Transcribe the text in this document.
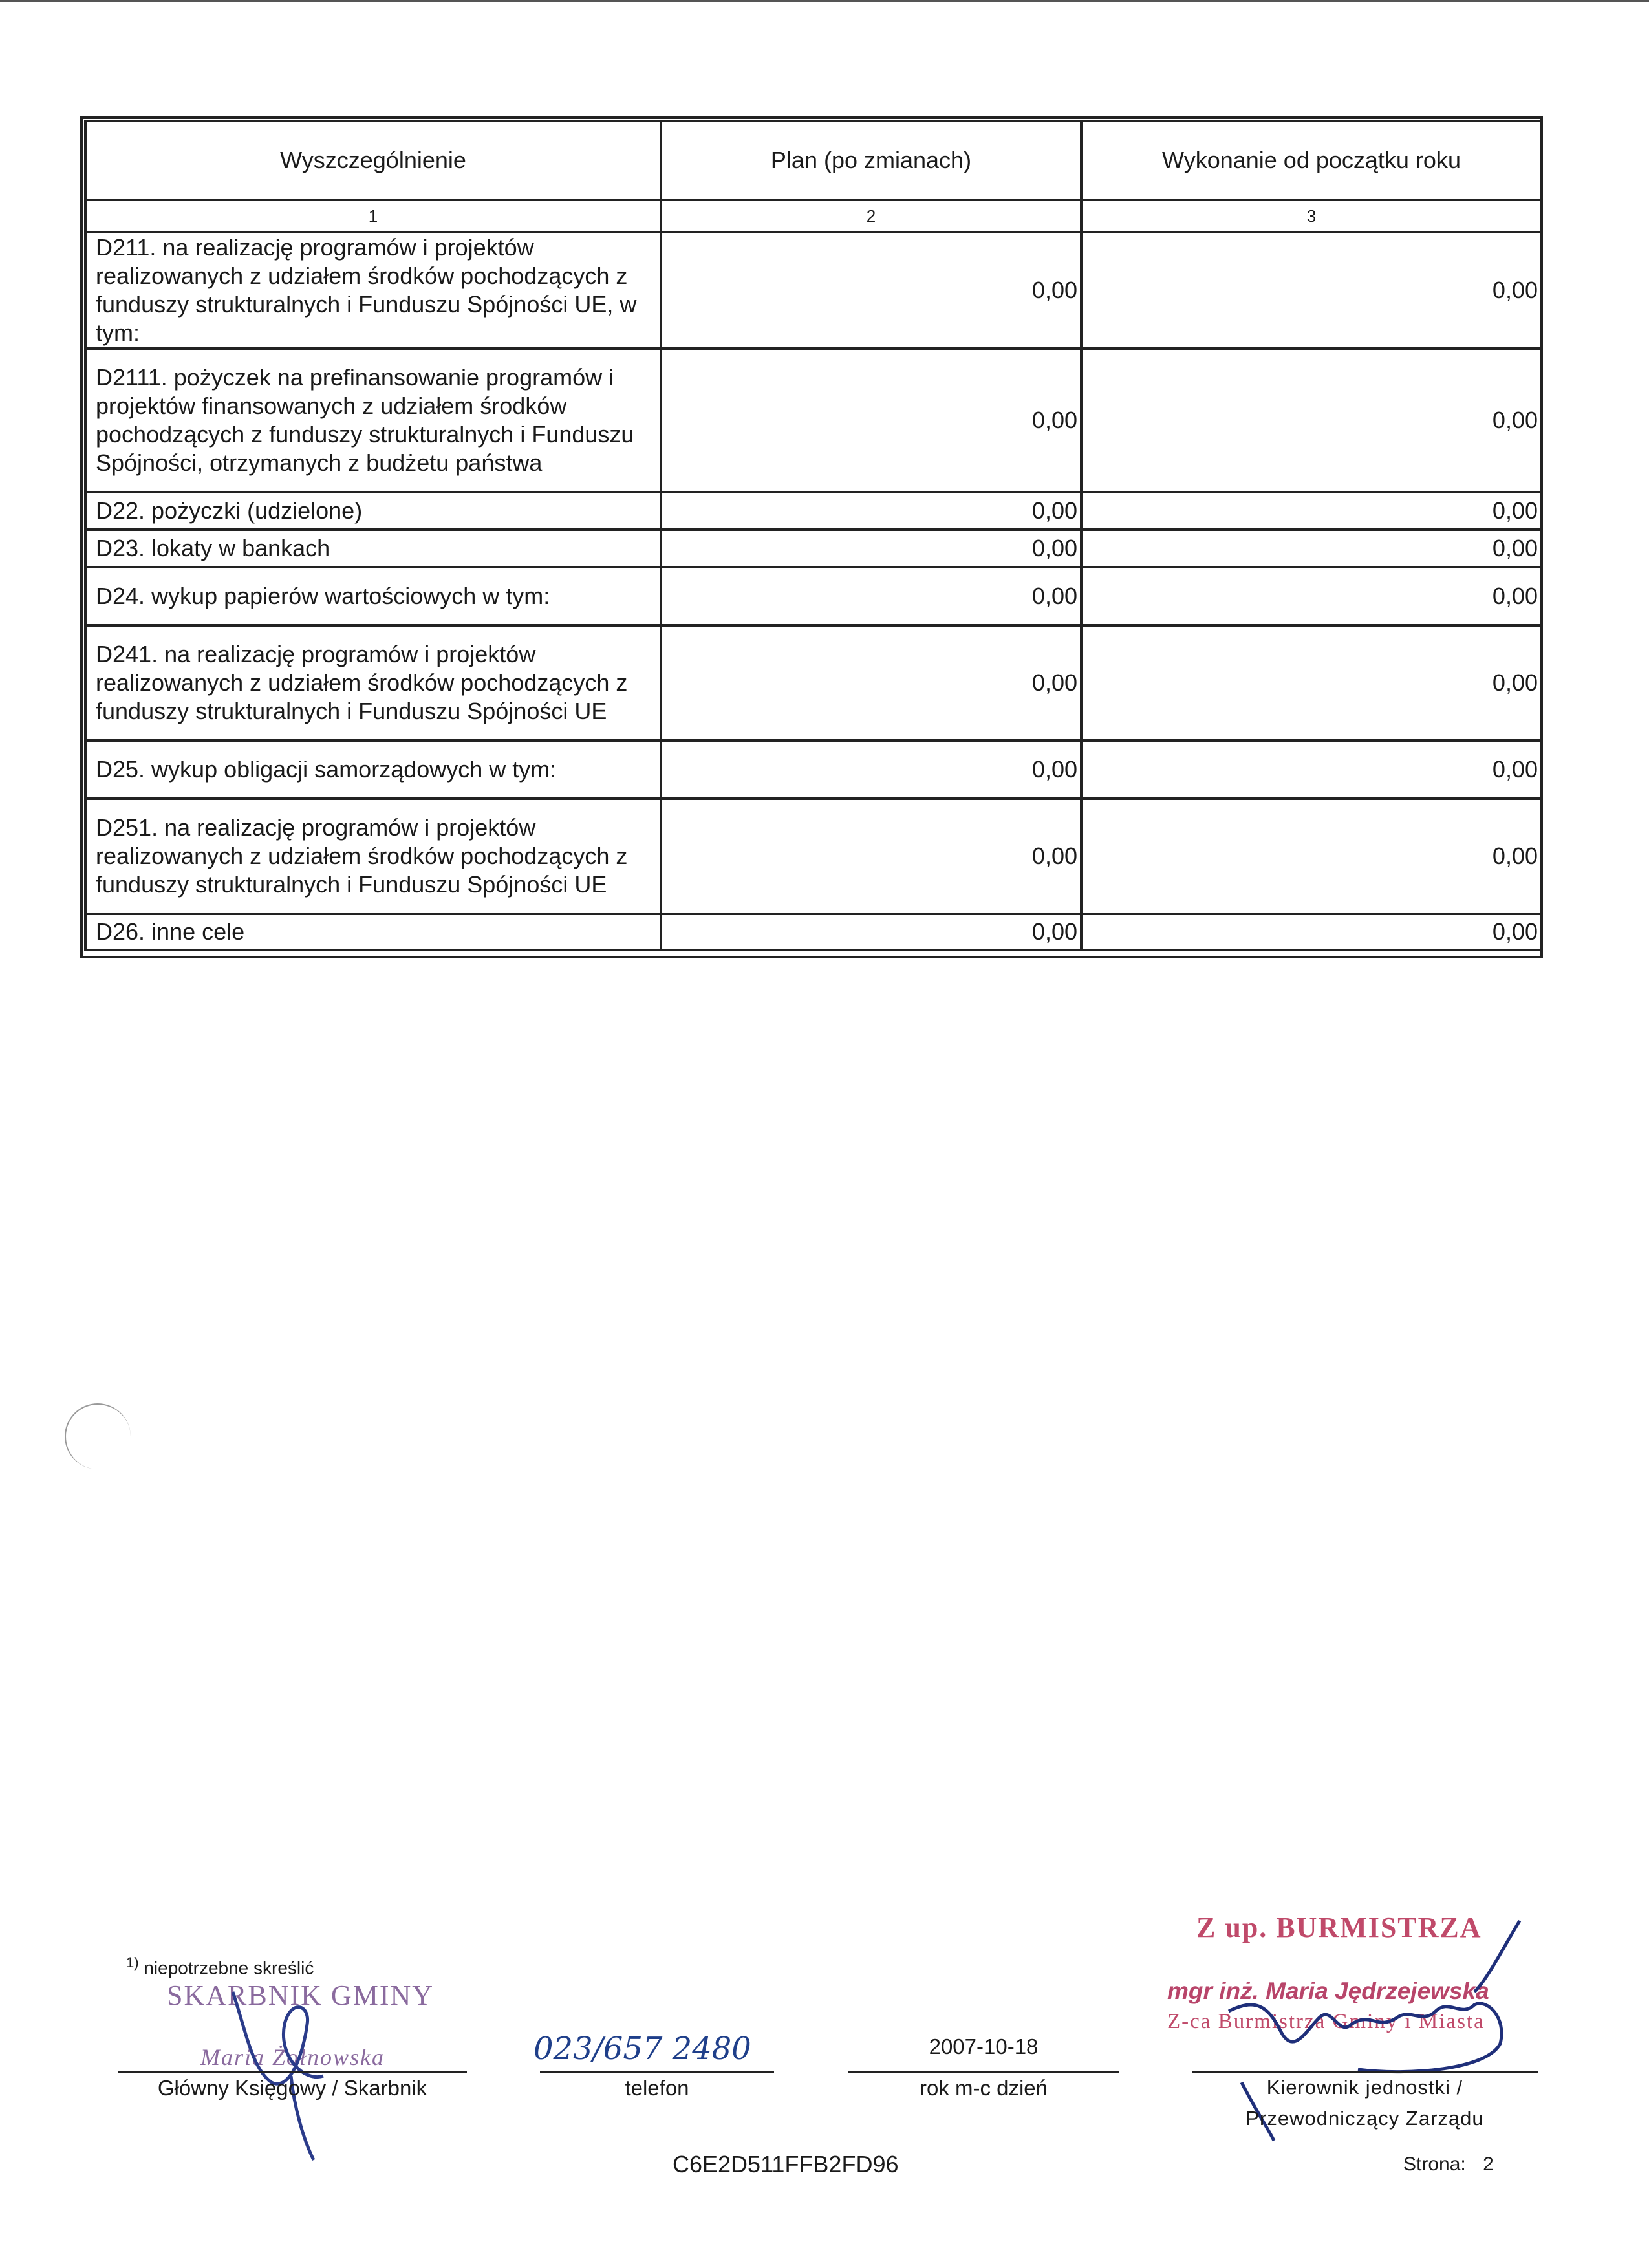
Wyszczególnienie	Plan (po zmianach)	Wykonanie od początku roku
1	2	3
D211. na realizację programów i projektów realizowanych z udziałem środków pochodzących z funduszy strukturalnych i Funduszu Spójności UE, w tym:	0,00	0,00
D2111. pożyczek na prefinansowanie programów i projektów finansowanych z udziałem środków pochodzących z funduszy strukturalnych i Funduszu Spójności, otrzymanych z budżetu państwa	0,00	0,00
D22. pożyczki (udzielone)	0,00	0,00
D23. lokaty w bankach	0,00	0,00
D24. wykup papierów wartościowych w tym:	0,00	0,00
D241. na realizację programów i projektów realizowanych z udziałem środków pochodzących z funduszy strukturalnych i Funduszu Spójności UE	0,00	0,00
D25. wykup obligacji samorządowych w tym:	0,00	0,00
D251. na realizację programów i projektów realizowanych z udziałem środków pochodzących z funduszy strukturalnych i Funduszu Spójności UE	0,00	0,00
D26. inne cele	0,00	0,00
$^{1)}$ niepotrzebne skreślić
SKARBNIK GMINY
Maria Żołnowska
Główny Księgowy / Skarbnik
023/657 2480
telefon
2007-10-18
rok m-c dzień
Z up. BURMISTRZA
mgr inż. Maria Jędrzejewska
Z-ca Burmistrza Gminy i Miasta
Kierownik jednostki /
Przewodniczący Zarządu
C6E2D511FFB2FD96	Strona: 2
